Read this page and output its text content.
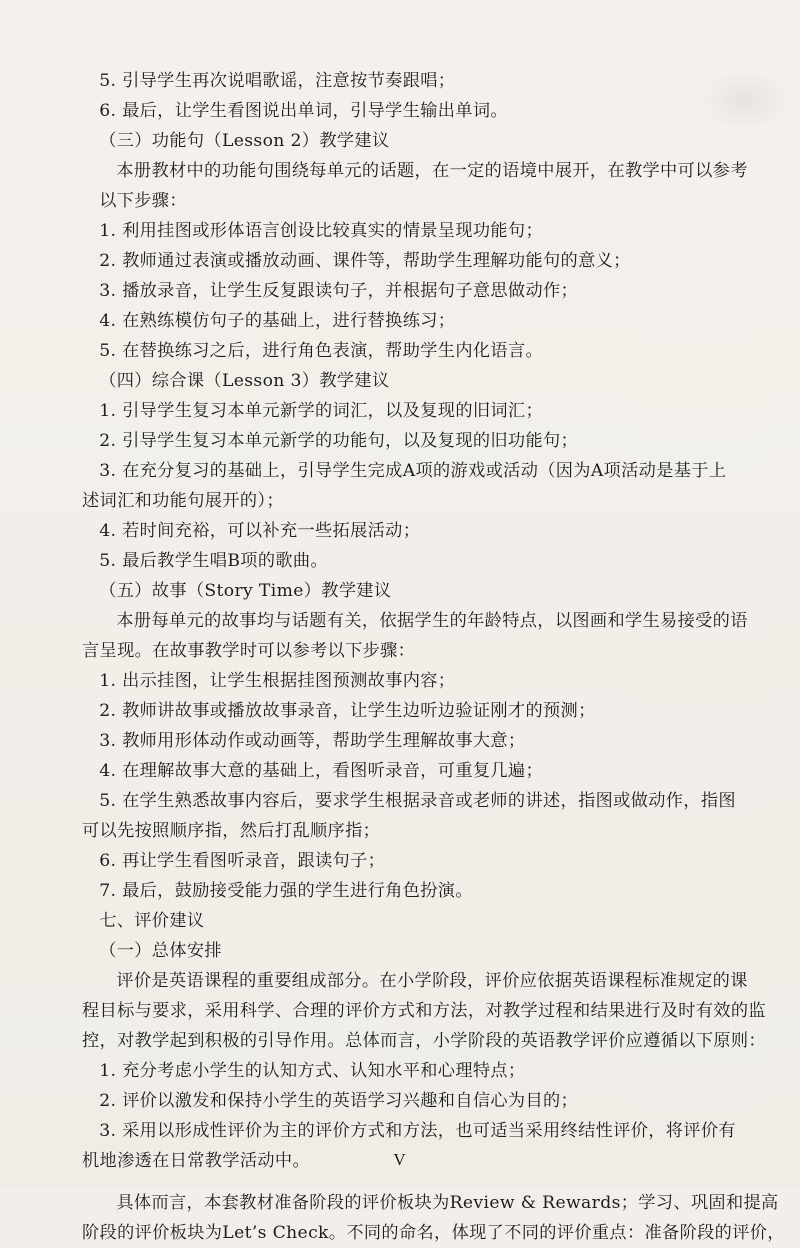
5. 引导学生再次说唱歌谣，注意按节奏跟唱；

6. 最后，让学生看图说出单词，引导学生输出单词。

（三）功能句（Lesson 2）教学建议

本册教材中的功能句围绕每单元的话题，在一定的语境中展开，在教学中可以参考

以下步骤：

1. 利用挂图或形体语言创设比较真实的情景呈现功能句；

2. 教师通过表演或播放动画、课件等，帮助学生理解功能句的意义；

3. 播放录音，让学生反复跟读句子，并根据句子意思做动作；

4. 在熟练模仿句子的基础上，进行替换练习；

5. 在替换练习之后，进行角色表演，帮助学生内化语言。

（四）综合课（Lesson 3）教学建议

1. 引导学生复习本单元新学的词汇，以及复现的旧词汇；

2. 引导学生复习本单元新学的功能句，以及复现的旧功能句；

3. 在充分复习的基础上，引导学生完成A项的游戏或活动（因为A项活动是基于上

述词汇和功能句展开的）；

4. 若时间充裕，可以补充一些拓展活动；

5. 最后教学生唱B项的歌曲。

（五）故事（Story Time）教学建议

本册每单元的故事均与话题有关，依据学生的年龄特点，以图画和学生易接受的语

言呈现。在故事教学时可以参考以下步骤：

1. 出示挂图，让学生根据挂图预测故事内容；

2. 教师讲故事或播放故事录音，让学生边听边验证刚才的预测；

3. 教师用形体动作或动画等，帮助学生理解故事大意；

4. 在理解故事大意的基础上，看图听录音，可重复几遍；

5. 在学生熟悉故事内容后，要求学生根据录音或老师的讲述，指图或做动作，指图

可以先按照顺序指，然后打乱顺序指；

6. 再让学生看图听录音，跟读句子；

7. 最后，鼓励接受能力强的学生进行角色扮演。

七、评价建议

（一）总体安排

评价是英语课程的重要组成部分。在小学阶段，评价应依据英语课程标准规定的课

程目标与要求，采用科学、合理的评价方式和方法，对教学过程和结果进行及时有效的监

控，对教学起到积极的引导作用。总体而言，小学阶段的英语教学评价应遵循以下原则：

1. 充分考虑小学生的认知方式、认知水平和心理特点；

2. 评价以激发和保持小学生的英语学习兴趣和自信心为目的；

3. 采用以形成性评价为主的评价方式和方法，也可适当采用终结性评价，将评价有

机地渗透在日常教学活动中。

具体而言，本套教材准备阶段的评价板块为Review & Rewards；学习、巩固和提高

阶段的评价板块为Let’s Check。不同的命名，体现了不同的评价重点：准备阶段的评价，

V
